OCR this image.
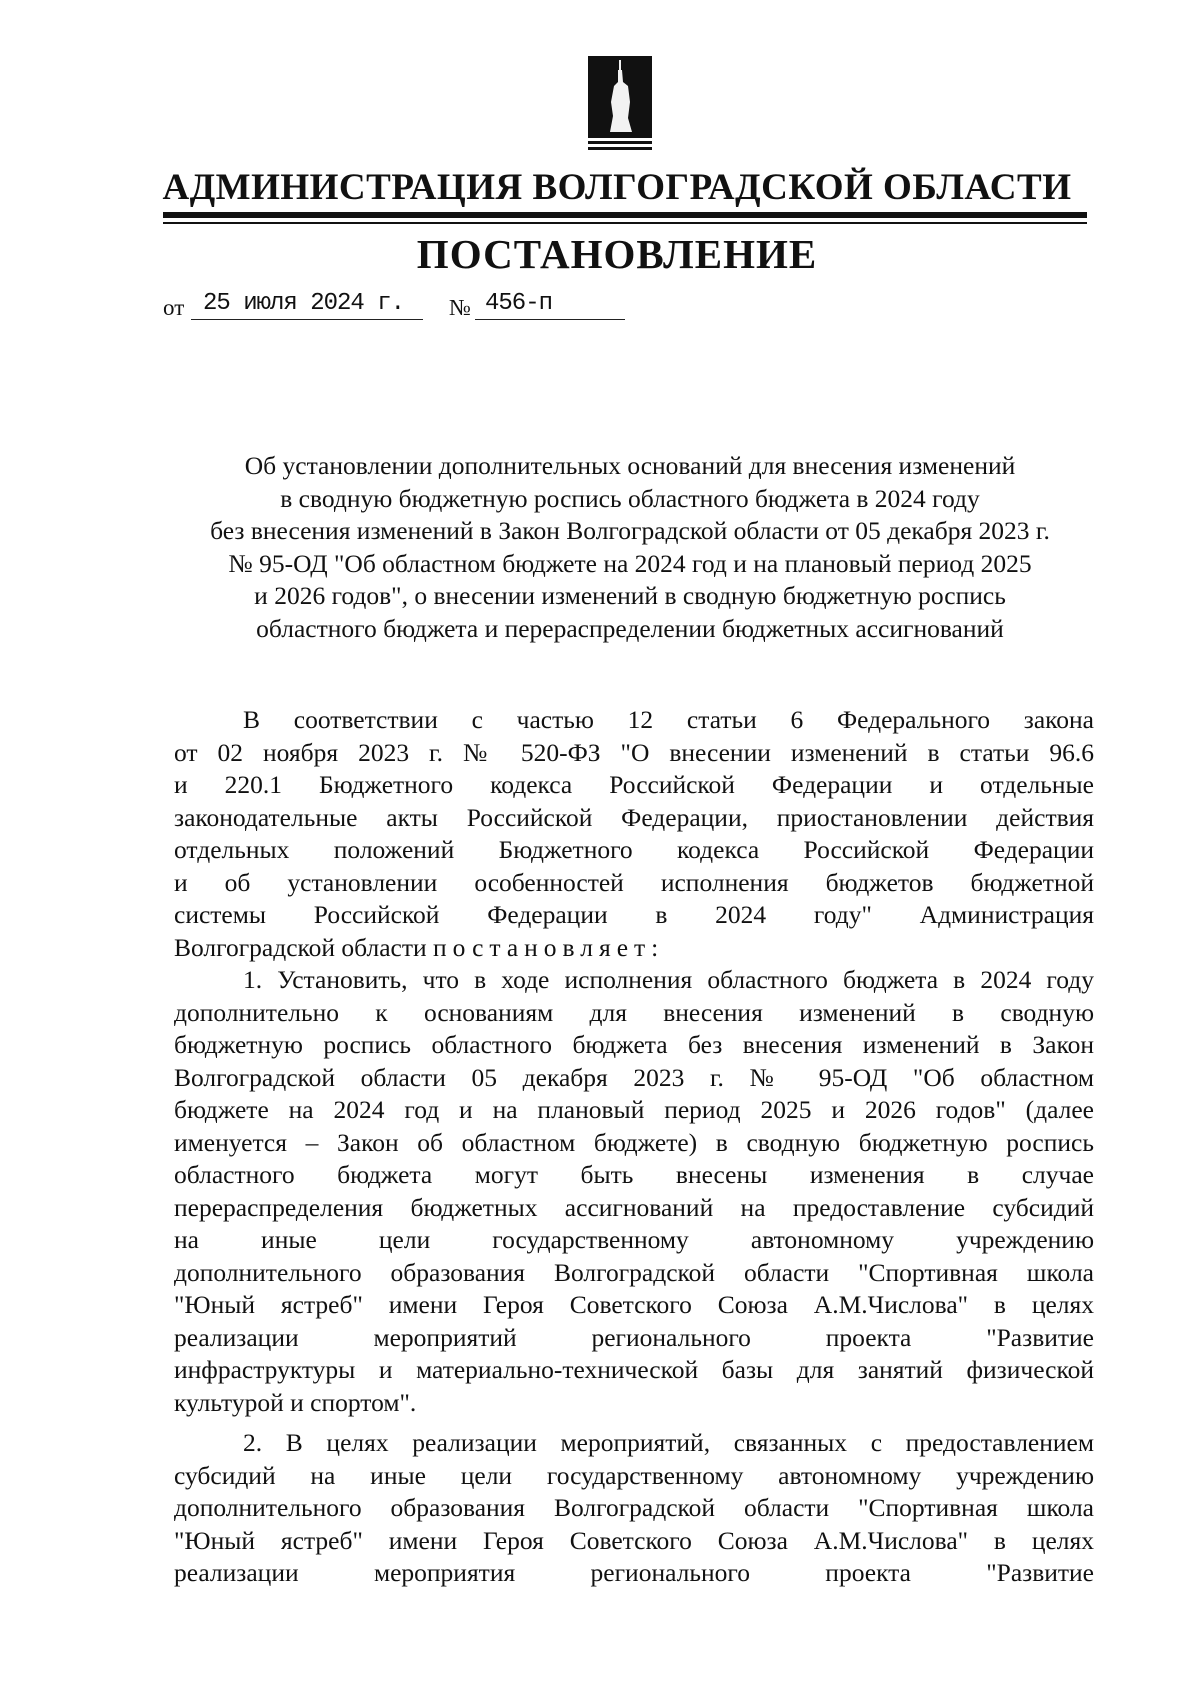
АДМИНИСТРАЦИЯ ВОЛГОГРАДСКОЙ ОБЛАСТИ
ПОСТАНОВЛЕНИЕ
от 25 июля 2024 г. № 456-п
Об установлении дополнительных оснований для внесения изменений
в сводную бюджетную роспись областного бюджета в 2024 году
без внесения изменений в Закон Волгоградской области от 05 декабря 2023 г.
№ 95-ОД "Об областном бюджете на 2024 год и на плановый период 2025
и 2026 годов", о внесении изменений в сводную бюджетную роспись
областного бюджета и перераспределении бюджетных ассигнований
В соответствии с частью 12 статьи 6 Федерального закона
от 02 ноября 2023 г. № 520-ФЗ "О внесении изменений в статьи 96.6
и 220.1 Бюджетного кодекса Российской Федерации и отдельные
законодательные акты Российской Федерации, приостановлении действия
отдельных положений Бюджетного кодекса Российской Федерации
и об установлении особенностей исполнения бюджетов бюджетной
системы Российской Федерации в 2024 году" Администрация
Волгоградской области постановляет:
1. Установить, что в ходе исполнения областного бюджета в 2024 году
дополнительно к основаниям для внесения изменений в сводную
бюджетную роспись областного бюджета без внесения изменений в Закон
Волгоградской области 05 декабря 2023 г. № 95-ОД "Об областном
бюджете на 2024 год и на плановый период 2025 и 2026 годов" (далее
именуется – Закон об областном бюджете) в сводную бюджетную роспись
областного бюджета могут быть внесены изменения в случае
перераспределения бюджетных ассигнований на предоставление субсидий
на иные цели государственному автономному учреждению
дополнительного образования Волгоградской области "Спортивная школа
"Юный ястреб" имени Героя Советского Союза А.М.Числова" в целях
реализации мероприятий регионального проекта "Развитие
инфраструктуры и материально-технической базы для занятий физической
культурой и спортом".
2. В целях реализации мероприятий, связанных с предоставлением
субсидий на иные цели государственному автономному учреждению
дополнительного образования Волгоградской области "Спортивная школа
"Юный ястреб" имени Героя Советского Союза А.М.Числова" в целях
реализации мероприятия регионального проекта "Развитие
